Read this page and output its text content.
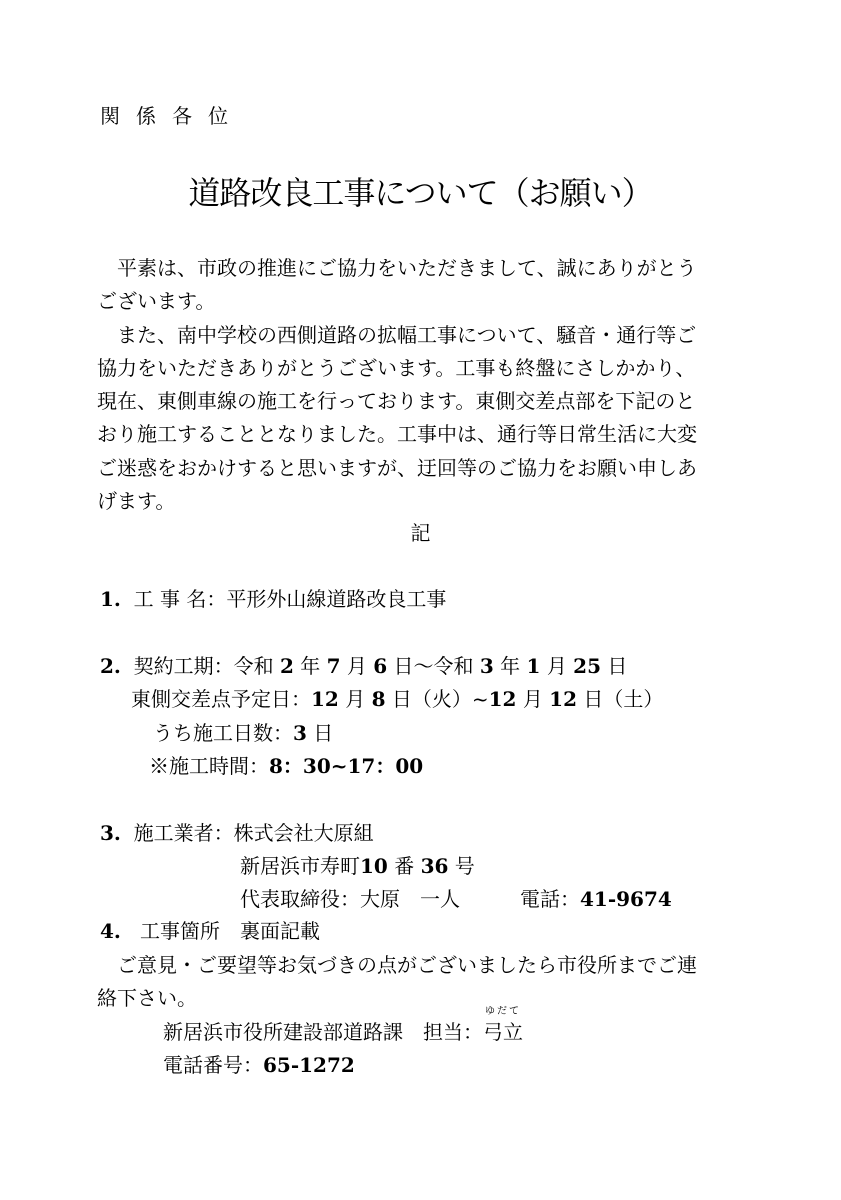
関係各位
道路改良工事について（お願い）
　平素は、市政の推進にご協力をいただきまして、誠にありがとう
ございます。
　また、南中学校の西側道路の拡幅工事について、騒音・通行等ご
協力をいただきありがとうございます。工事も終盤にさしかかり、
現在、東側車線の施工を行っております。東側交差点部を下記のと
おり施工することとなりました。工事中は、通行等日常生活に大変
ご迷惑をおかけすると思いますが、迂回等のご協力をお願い申しあ
げます。
記
1. 工 事 名：平形外山線道路改良工事
2. 契約工期：令和 2 年 7 月 6 日～令和 3 年 1 月 25 日
東側交差点予定日：12 月 8 日（火）~12 月 12 日（土）
うち施工日数：3 日
※施工時間：8：30~17：00
3. 施工業者：株式会社大原組
新居浜市寿町10 番 36 号
代表取締役：大原　一人	電話：41-9674
4. 工事箇所　裏面記載
　ご意見・ご要望等お気づきの点がございましたら市役所までご連
絡下さい。
新居浜市役所建設部道路課　担当：
ゆだて
弓立
電話番号：65-1272
